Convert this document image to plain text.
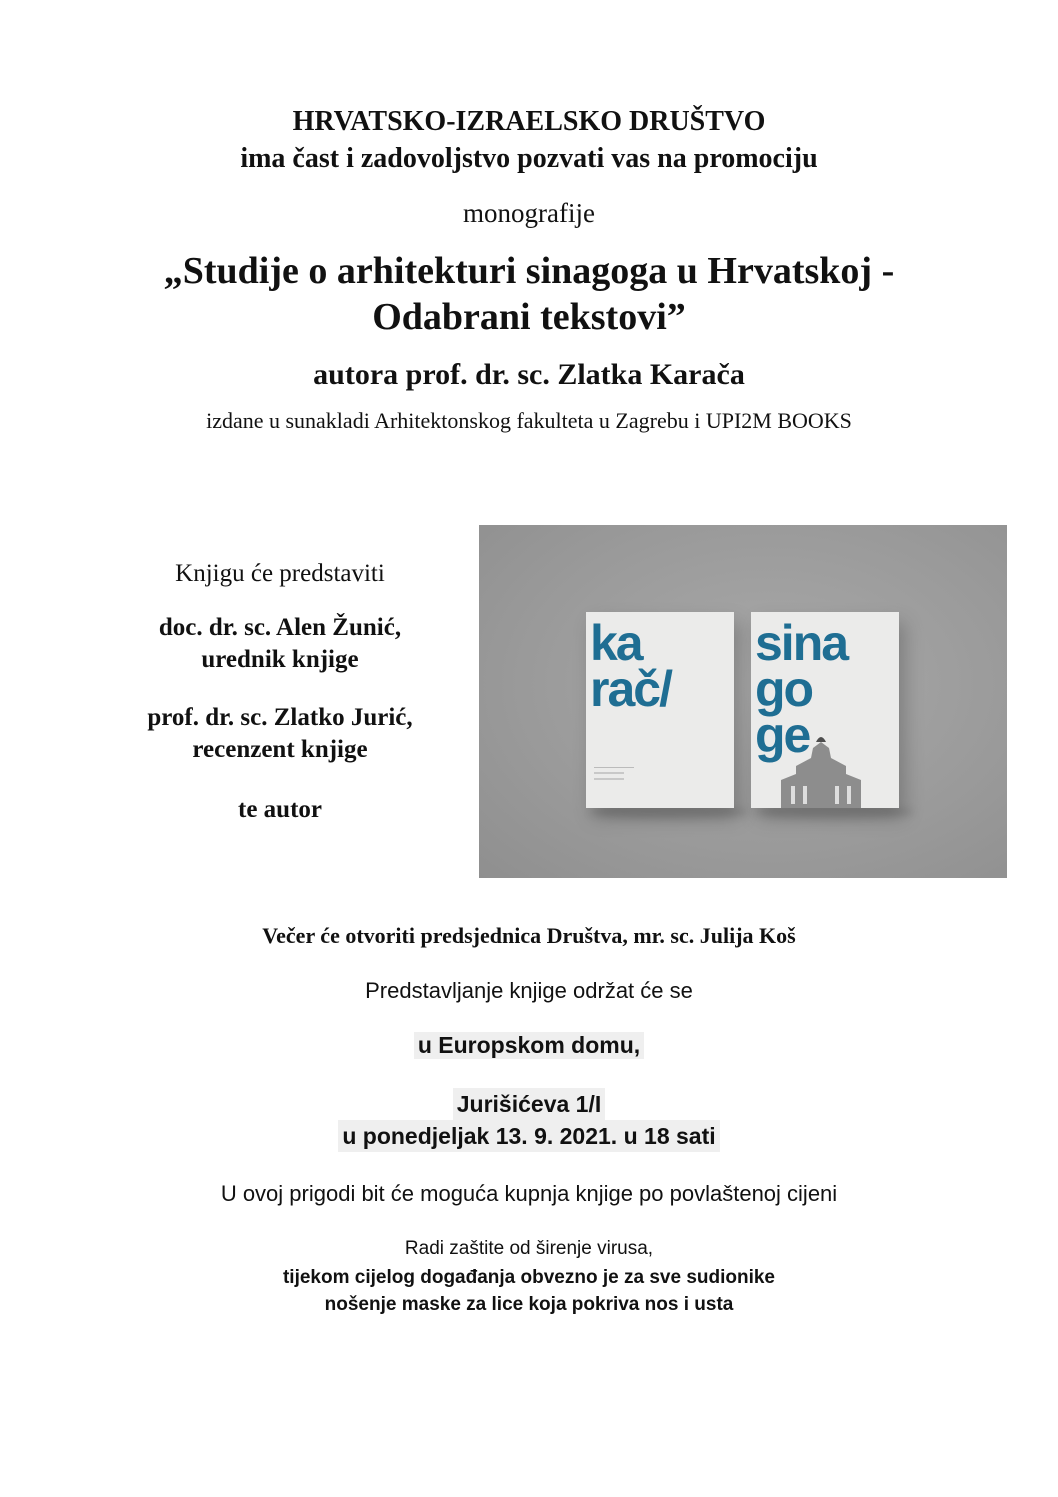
HRVATSKO-IZRAELSKO DRUŠTVO
ima čast i zadovoljstvo pozvati vas na promociju
monografije
„Studije o arhitekturi sinagoga u Hrvatskoj -
Odabrani tekstovi”
autora prof. dr. sc. Zlatka Karača
izdane u sunakladi Arhitektonskog fakulteta u Zagrebu i UPI2M BOOKS
Knjigu će predstaviti
doc. dr. sc. Alen Žunić,
urednik knjige
prof. dr. sc. Zlatko Jurić,
recenzent knjige
te autor
ka
rač/
sina
go
ge
Večer će otvoriti predsjednica Društva, mr. sc. Julija Koš
Predstavljanje knjige održat će se
u Europskom domu,
Jurišićeva 1/I
u ponedjeljak 13. 9. 2021. u 18 sati
U ovoj prigodi bit će moguća kupnja knjige po povlaštenoj cijeni
Radi zaštite od širenje virusa,
tijekom cijelog događanja obvezno je za sve sudionike
nošenje maske za lice koja pokriva nos i usta
